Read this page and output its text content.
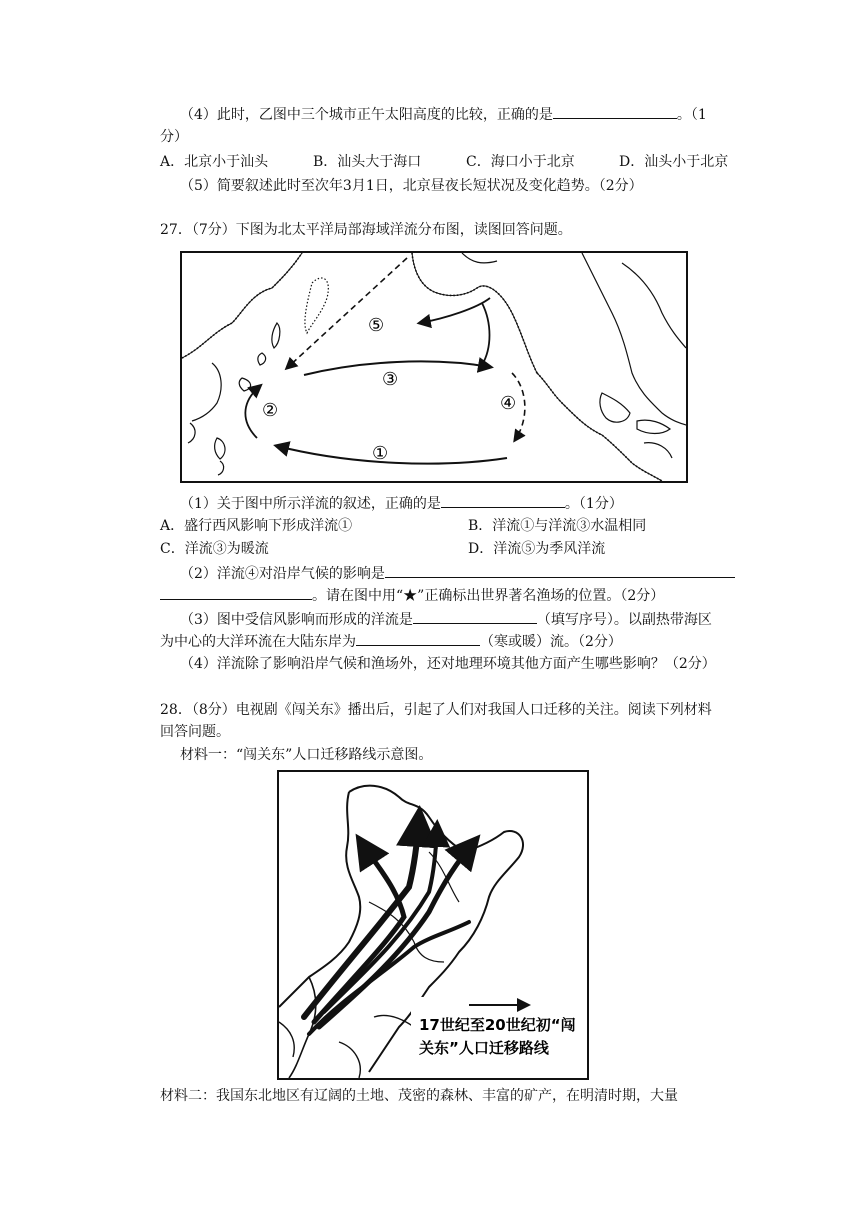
（4）此时，乙图中三个城市正午太阳高度的比较，正确的是	。（1
分）
A．北京小于汕头	B．汕头大于海口	C．海口小于北京	D．汕头小于北京
（5）简要叙述此时至次年3月1日，北京昼夜长短状况及变化趋势。（2分）
27．（7分）下图为北太平洋局部海域洋流分布图，读图回答问题。
⑤
③
②	④
①
（1）关于图中所示洋流的叙述，正确的是	。（1分）
A．盛行西风影响下形成洋流①	B．洋流①与洋流③水温相同
C．洋流③为暖流	D．洋流⑤为季风洋流
（2）洋流④对沿岸气候的影响是
。请在图中用“★”正确标出世界著名渔场的位置。（2分）
（3）图中受信风影响而形成的洋流是	（填写序号）。以副热带海区
为中心的大洋环流在大陆东岸为	（寒或暖）流。（2分）
（4）洋流除了影响沿岸气候和渔场外，还对地理环境其他方面产生哪些影响？（2分）
28．（8分）电视剧《闯关东》播出后，引起了人们对我国人口迁移的关注。阅读下列材料
回答问题。
材料一：“闯关东”人口迁移路线示意图。
17世纪至20世纪初“闯
关东”人口迁移路线
材料二：我国东北地区有辽阔的土地、茂密的森林、丰富的矿产，在明清时期，大量
